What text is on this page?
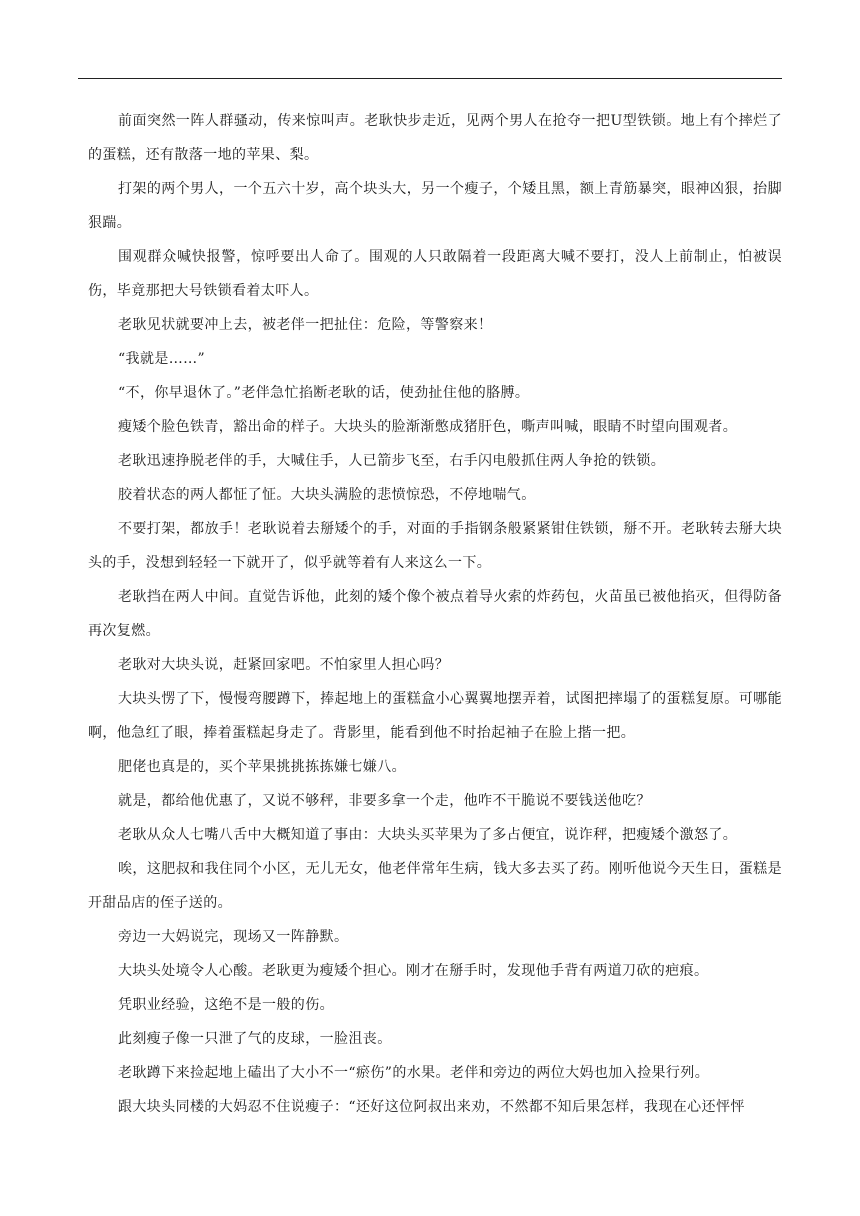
前面突然一阵人群骚动，传来惊叫声。老耿快步走近，见两个男人在抢夺一把U型铁锁。地上有个摔烂了的蛋糕，还有散落一地的苹果、梨。

打架的两个男人，一个五六十岁，高个块头大，另一个瘦子，个矮且黑，额上青筋暴突，眼神凶狠，抬脚狠踹。

围观群众喊快报警，惊呼要出人命了。围观的人只敢隔着一段距离大喊不要打，没人上前制止，怕被误伤，毕竟那把大号铁锁看着太吓人。

老耿见状就要冲上去，被老伴一把扯住：危险，等警察来！

“我就是……”

“不，你早退休了。”老伴急忙掐断老耿的话，使劲扯住他的胳膊。

瘦矮个脸色铁青，豁出命的样子。大块头的脸渐渐憋成猪肝色，嘶声叫喊，眼睛不时望向围观者。

老耿迅速挣脱老伴的手，大喊住手，人已箭步飞至，右手闪电般抓住两人争抢的铁锁。

胶着状态的两人都怔了怔。大块头满脸的悲愤惊恐，不停地喘气。

不要打架，都放手！老耿说着去掰矮个的手，对面的手指钢条般紧紧钳住铁锁，掰不开。老耿转去掰大块头的手，没想到轻轻一下就开了，似乎就等着有人来这么一下。

老耿挡在两人中间。直觉告诉他，此刻的矮个像个被点着导火索的炸药包，火苗虽已被他掐灭，但得防备再次复燃。

老耿对大块头说，赶紧回家吧。不怕家里人担心吗？

大块头愣了下，慢慢弯腰蹲下，捧起地上的蛋糕盒小心翼翼地摆弄着，试图把摔塌了的蛋糕复原。可哪能啊，他急红了眼，捧着蛋糕起身走了。背影里，能看到他不时抬起袖子在脸上揩一把。

肥佬也真是的，买个苹果挑挑拣拣嫌七嫌八。

就是，都给他优惠了，又说不够秤，非要多拿一个走，他咋不干脆说不要钱送他吃？

老耿从众人七嘴八舌中大概知道了事由：大块头买苹果为了多占便宜，说诈秤，把瘦矮个激怒了。

唉，这肥叔和我住同个小区，无儿无女，他老伴常年生病，钱大多去买了药。刚听他说今天生日，蛋糕是开甜品店的侄子送的。

旁边一大妈说完，现场又一阵静默。

大块头处境令人心酸。老耿更为瘦矮个担心。刚才在掰手时，发现他手背有两道刀砍的疤痕。

凭职业经验，这绝不是一般的伤。

此刻瘦子像一只泄了气的皮球，一脸沮丧。

老耿蹲下来捡起地上磕出了大小不一“瘀伤”的水果。老伴和旁边的两位大妈也加入捡果行列。

跟大块头同楼的大妈忍不住说瘦子：“还好这位阿叔出来劝，不然都不知后果怎样，我现在心还怦怦
